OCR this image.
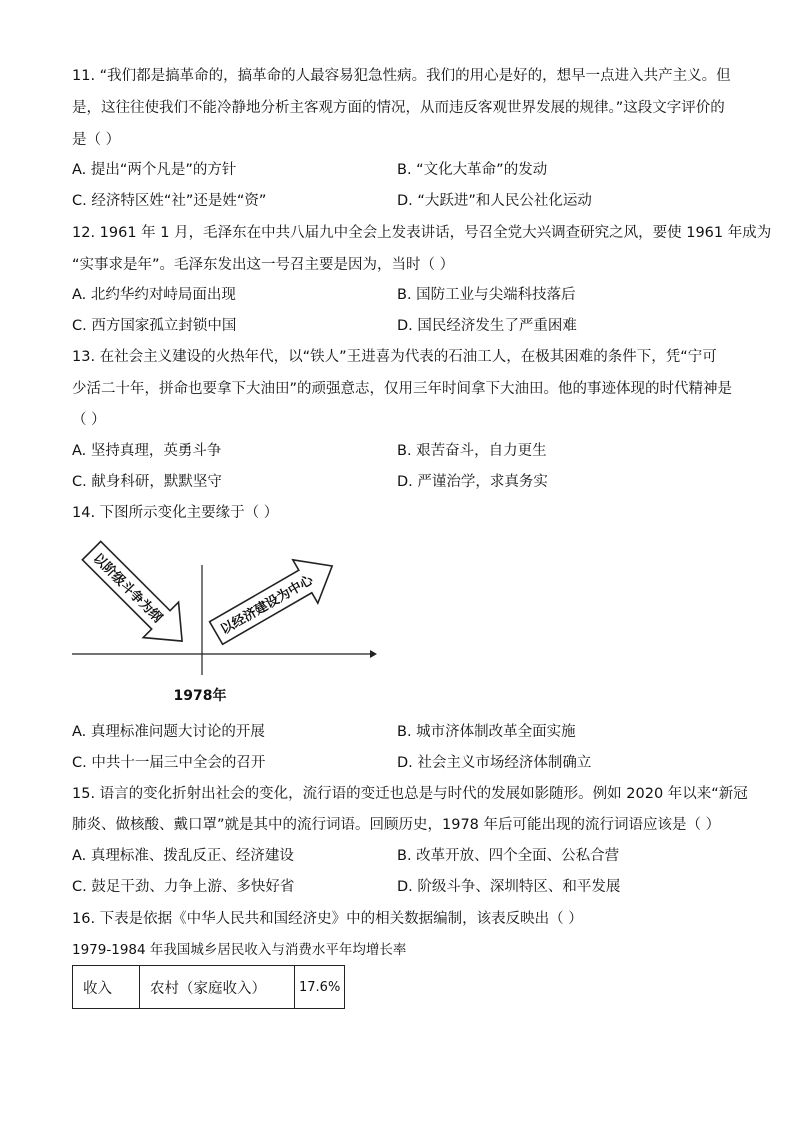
11. “我们都是搞革命的，搞革命的人最容易犯急性病。我们的用心是好的，想早一点进入共产主义。但
是，这往往使我们不能冷静地分析主客观方面的情况，从而违反客观世界发展的规律。”这段文字评价的
是（ ）
A. 提出“两个凡是”的方针	B. “文化大革命”的发动
C. 经济特区姓“社”还是姓“资”	D. “大跃进”和人民公社化运动
12. 1961 年 1 月，毛泽东在中共八届九中全会上发表讲话，号召全党大兴调查研究之风，要使 1961 年成为
“实事求是年”。毛泽东发出这一号召主要是因为，当时（ ）
A. 北约华约对峙局面出现	B. 国防工业与尖端科技落后
C. 西方国家孤立封锁中国	D. 国民经济发生了严重困难
13. 在社会主义建设的火热年代，以“铁人”王进喜为代表的石油工人，在极其困难的条件下，凭“宁可
少活二十年，拼命也要拿下大油田”的顽强意志，仅用三年时间拿下大油田。他的事迹体现的时代精神是
（ ）
A. 坚持真理，英勇斗争	B. 艰苦奋斗，自力更生
C. 献身科研，默默坚守	D. 严谨治学，求真务实
14. 下图所示变化主要缘于（ ）
以阶级斗争为纲	以经济建设为中心
1978年
A. 真理标准问题大讨论的开展	B. 城市济体制改革全面实施
C. 中共十一届三中全会的召开	D. 社会主义市场经济体制确立
15. 语言的变化折射出社会的变化，流行语的变迁也总是与时代的发展如影随形。例如 2020 年以来“新冠
肺炎、做核酸、戴口罩”就是其中的流行词语。回顾历史，1978 年后可能出现的流行词语应该是（ ）
A. 真理标准、拨乱反正、经济建设	B. 改革开放、四个全面、公私合营
C. 鼓足干劲、力争上游、多快好省	D. 阶级斗争、深圳特区、和平发展
16. 下表是依据《中华人民共和国经济史》中的相关数据编制，该表反映出（ ）
1979-1984 年我国城乡居民收入与消费水平年均增长率
收入	农村（家庭收入）	17.6%
